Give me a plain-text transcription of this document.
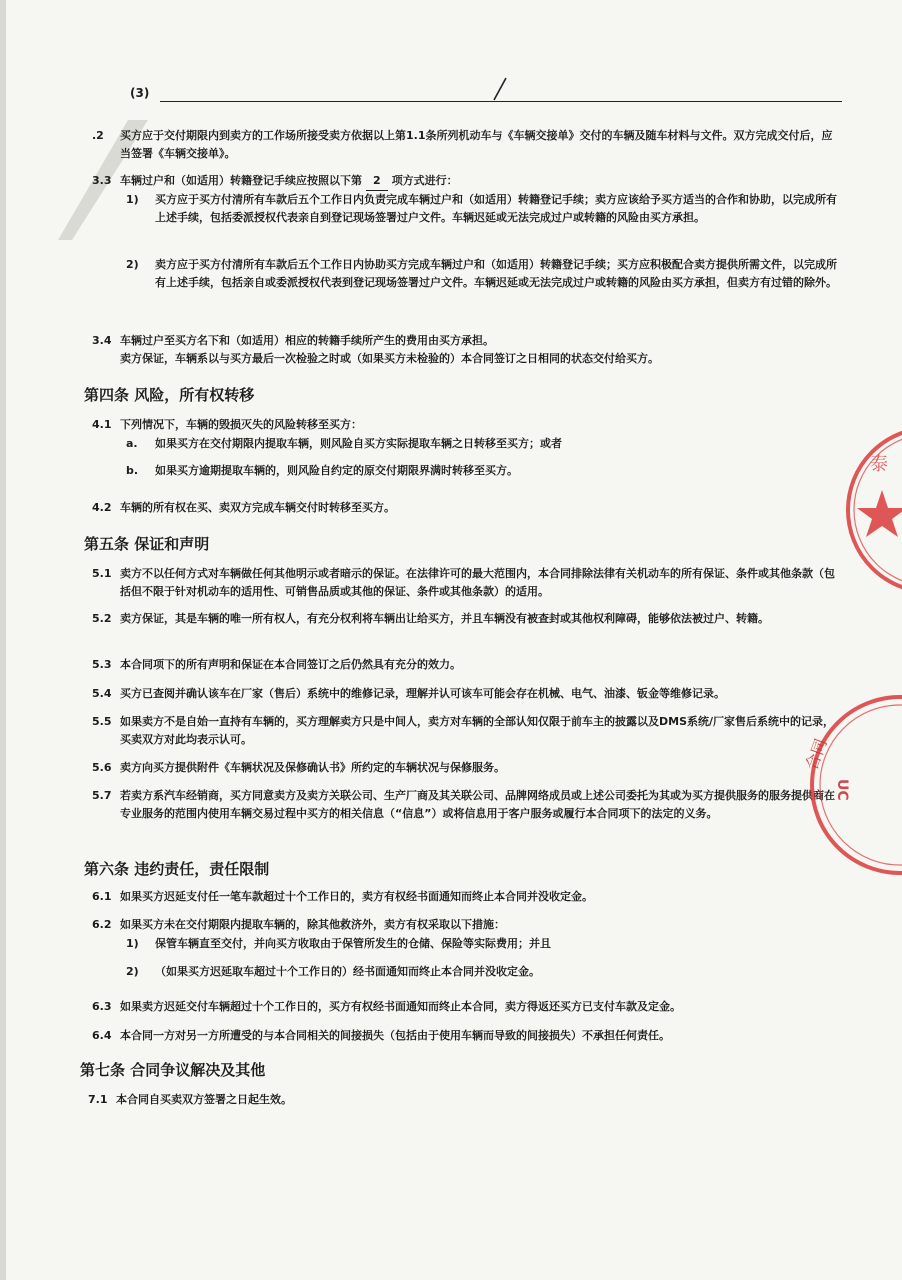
(3)
.2 买方应于交付期限内到卖方的工作场所接受卖方依据以上第1.1条所列机动车与《车辆交接单》交付的车辆及随车材料与文件。双方完成交付后，应当签署《车辆交接单》。
3.3 车辆过户和（如适用）转籍登记手续应按照以下第 2 项方式进行：
1) 买方应于买方付清所有车款后五个工作日内负责完成车辆过户和（如适用）转籍登记手续；卖方应该给予买方适当的合作和协助，以完成所有上述手续，包括委派授权代表亲自到登记现场签署过户文件。车辆迟延或无法完成过户或转籍的风险由买方承担。
2) 卖方应于买方付清所有车款后五个工作日内协助买方完成车辆过户和（如适用）转籍登记手续；买方应积极配合卖方提供所需文件，以完成所有上述手续，包括亲自或委派授权代表到登记现场签署过户文件。车辆迟延或无法完成过户或转籍的风险由买方承担，但卖方有过错的除外。
3.4 车辆过户至买方名下和（如适用）相应的转籍手续所产生的费用由买方承担。
卖方保证，车辆系以与买方最后一次检验之时或（如果买方未检验的）本合同签订之日相同的状态交付给买方。
第四条 风险，所有权转移
4.1 下列情况下，车辆的毁损灭失的风险转移至买方：
a. 如果买方在交付期限内提取车辆，则风险自买方实际提取车辆之日转移至买方；或者
b. 如果买方逾期提取车辆的，则风险自约定的原交付期限界满时转移至买方。
4.2 车辆的所有权在买、卖双方完成车辆交付时转移至买方。
第五条 保证和声明
5.1 卖方不以任何方式对车辆做任何其他明示或者暗示的保证。在法律许可的最大范围内，本合同排除法律有关机动车的所有保证、条件或其他条款（包括但不限于针对机动车的适用性、可销售品质或其他的保证、条件或其他条款）的适用。
5.2 卖方保证，其是车辆的唯一所有权人，有充分权利将车辆出让给买方，并且车辆没有被查封或其他权利障碍，能够依法被过户、转籍。
5.3 本合同项下的所有声明和保证在本合同签订之后仍然具有充分的效力。
5.4 买方已查阅并确认该车在厂家（售后）系统中的维修记录，理解并认可该车可能会存在机械、电气、油漆、钣金等维修记录。
5.5 如果卖方不是自始一直持有车辆的，买方理解卖方只是中间人，卖方对车辆的全部认知仅限于前车主的披露以及DMS系统/厂家售后系统中的记录，买卖双方对此均表示认可。
5.6 卖方向买方提供附件《车辆状况及保修确认书》所约定的车辆状况与保修服务。
5.7 若卖方系汽车经销商，买方同意卖方及卖方关联公司、生产厂商及其关联公司、品牌网络成员或上述公司委托为其或为买方提供服务的服务提供商在专业服务的范围内使用车辆交易过程中买方的相关信息（“信息”）或将信息用于客户服务或履行本合同项下的法定的义务。
第六条 违约责任，责任限制
6.1 如果买方迟延支付任一笔车款超过十个工作日的，卖方有权经书面通知而终止本合同并没收定金。
6.2 如果买方未在交付期限内提取车辆的，除其他救济外，卖方有权采取以下措施：
1) 保管车辆直至交付，并向买方收取由于保管所发生的仓储、保险等实际费用；并且
2) （如果买方迟延取车超过十个工作日的）经书面通知而终止本合同并没收定金。
6.3 如果卖方迟延交付车辆超过十个工作日的，买方有权经书面通知而终止本合同，卖方得返还买方已支付车款及定金。
6.4 本合同一方对另一方所遭受的与本合同相关的间接损失（包括由于使用车辆而导致的间接损失）不承担任何责任。
第七条 合同争议解决及其他
7.1 本合同自买卖双方签署之日起生效。
泰
合同
UC
